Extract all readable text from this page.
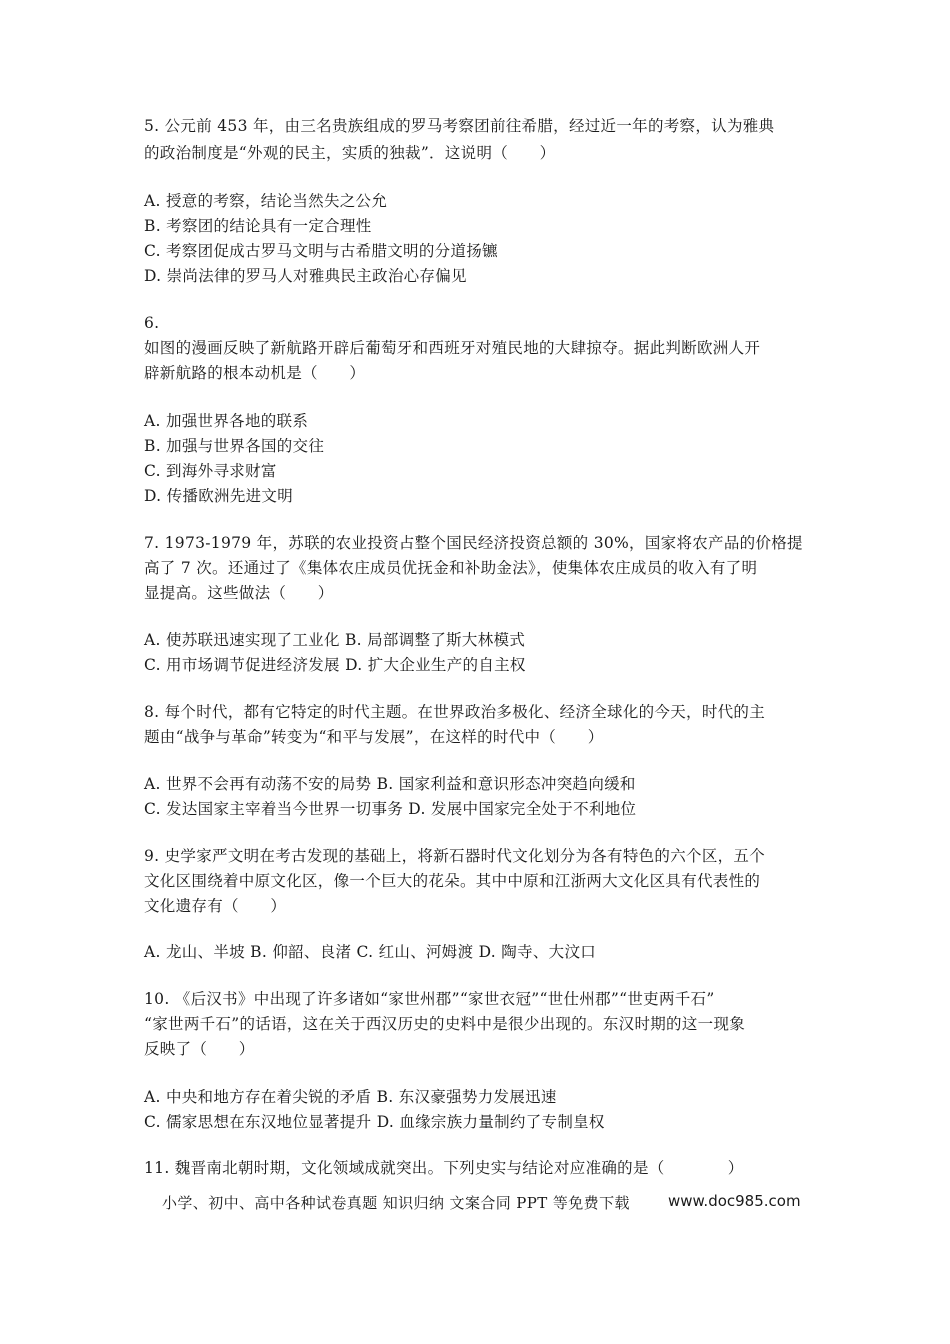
5. 公元前 453 年，由三名贵族组成的罗马考察团前往希腊，经过近一年的考察，认为雅典
的政治制度是“外观的民主，实质的独裁”．这说明（　　）
A. 授意的考察，结论当然失之公允
B. 考察团的结论具有一定合理性
C. 考察团促成古罗马文明与古希腊文明的分道扬镳
D. 崇尚法律的罗马人对雅典民主政治心存偏见
6.
如图的漫画反映了新航路开辟后葡萄牙和西班牙对殖民地的大肆掠夺。据此判断欧洲人开
辟新航路的根本动机是（　　）
A. 加强世界各地的联系
B. 加强与世界各国的交往
C. 到海外寻求财富
D. 传播欧洲先进文明
7. 1973-1979 年，苏联的农业投资占整个国民经济投资总额的 30%，国家将农产品的价格提
高了 7 次。还通过了《集体农庄成员优抚金和补助金法》，使集体农庄成员的收入有了明
显提高。这些做法（　　）
A. 使苏联迅速实现了工业化 B. 局部调整了斯大林模式
C. 用市场调节促进经济发展 D. 扩大企业生产的自主权
8. 每个时代，都有它特定的时代主题。在世界政治多极化、经济全球化的今天，时代的主
题由“战争与革命”转变为“和平与发展”，在这样的时代中（　　）
A. 世界不会再有动荡不安的局势 B. 国家利益和意识形态冲突趋向缓和
C. 发达国家主宰着当今世界一切事务 D. 发展中国家完全处于不利地位
9. 史学家严文明在考古发现的基础上，将新石器时代文化划分为各有特色的六个区，五个
文化区围绕着中原文化区，像一个巨大的花朵。其中中原和江浙两大文化区具有代表性的
文化遗存有（　　）
A. 龙山、半坡 B. 仰韶、良渚 C. 红山、河姆渡 D. 陶寺、大汶口
10. 《后汉书》中出现了许多诸如“家世州郡”“家世衣冠”“世仕州郡”“世吏两千石”
“家世两千石”的话语，这在关于西汉历史的史料中是很少出现的。东汉时期的这一现象
反映了（　　）
A. 中央和地方存在着尖锐的矛盾 B. 东汉豪强势力发展迅速
C. 儒家思想在东汉地位显著提升 D. 血缘宗族力量制约了专制皇权
11. 魏晋南北朝时期，文化领域成就突出。下列史实与结论对应准确的是（　　　　）
小学、初中、高中各种试卷真题 知识归纳 文案合同 PPT 等免费下载	www.doc985.com
